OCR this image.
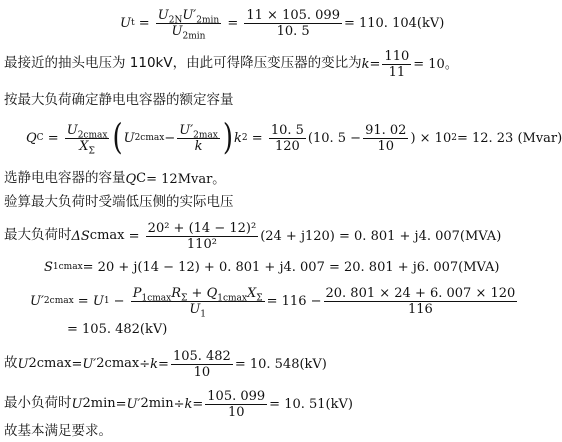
U $t = \frac{U_{2N}U'_{2min}}{U_{2min}} = \frac{11 \times 105. 099}{10. 5} = 110$. 104(kV)
最接近的抽头电压为 110kV，由此可得降压变压器的变比为 $k = \frac{110}{11} = 10$。
按最大负荷确定静电电容器的额定容量
Q $C = \frac{U_{2cmax}}{X_\Sigma}$ ( U $2cmax - \frac{U'_{2max}}{k}$ ) k $2 = \frac{10. 5}{120} (10$. $5 - \frac{91. 02}{10}$ ) × 10 2 = 12. 23 (Mvar)
选静电电容器的容量 Q C = 12Mvar。
验算最大负荷时受端低压侧的实际电压
最大负荷时 ΔS $cmax = \frac{\text{20² + (14 − 12)²}}{\text{110²}} (24 + j120) = 0$. 801 + j4. 007(MVA)
S 1cmax = 20 + j(14 − 12) + 0. 801 + j4. 007 = 20. 801 + j6. 007(MVA)
U′ 2cmax = U $1 - \frac{P_{1cmax}R_\Sigma + Q_{1cmax}X_\Sigma}{U_1} = 116 - \frac{20. 801 \times 24 + 6. 007 \times 120}{116}$
= 105. 482(kV)
故 U 2cmax = U′ $2cmax \div k = \frac{105. 482}{10} = 10$. 548(kV)
最小负荷时 U 2min = U′ $2\min \div k = \frac{105. 099}{10} = 10$. 51(kV)
故基本满足要求。
